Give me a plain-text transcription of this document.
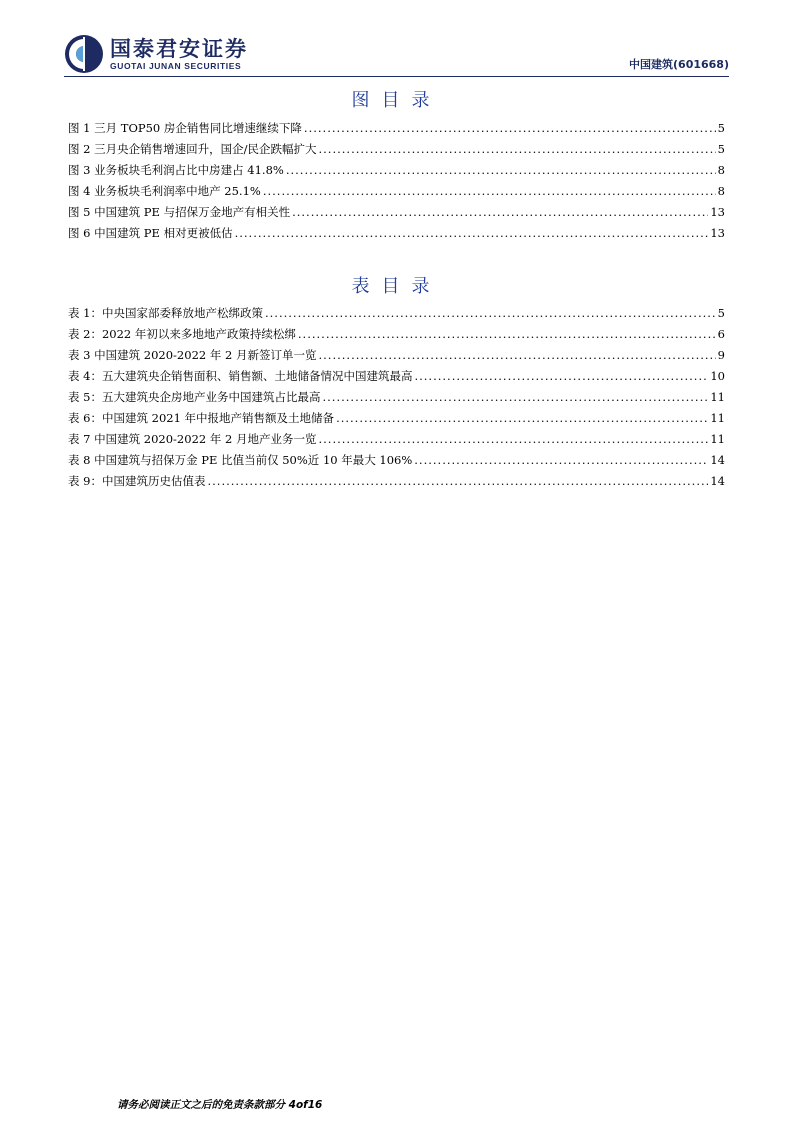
国泰君安证券
GUOTAI JUNAN SECURITIES	中国建筑(601668)
图目录
图 1 三月 TOP50 房企销售同比增速继续下降 .....	5
图 2 三月央企销售增速回升，国企/民企跌幅扩大 .....	5
图 3 业务板块毛利润占比中房建占 41.8% .....	8
图 4 业务板块毛利润率中地产 25.1% .....	8
图 5 中国建筑 PE 与招保万金地产有相关性 .....	13
图 6 中国建筑 PE 相对更被低估 .....	13
表目录
表 1：中央国家部委释放地产松绑政策 .....	5
表 2：2022 年初以来多地地产政策持续松绑 .....	6
表 3 中国建筑 2020-2022 年 2 月新签订单一览 .....	9
表 4：五大建筑央企销售面积、销售额、土地储备情况中国建筑最高 .....	10
表 5：五大建筑央企房地产业务中国建筑占比最高 .....	11
表 6：中国建筑 2021 年中报地产销售额及土地储备 .....	11
表 7 中国建筑 2020-2022 年 2 月地产业务一览 .....	11
表 8 中国建筑与招保万金 PE 比值当前仅 50%近 10 年最大 106% .....	14
表 9：中国建筑历史估值表 .....	14
请务必阅读正文之后的免责条款部分 4of16
